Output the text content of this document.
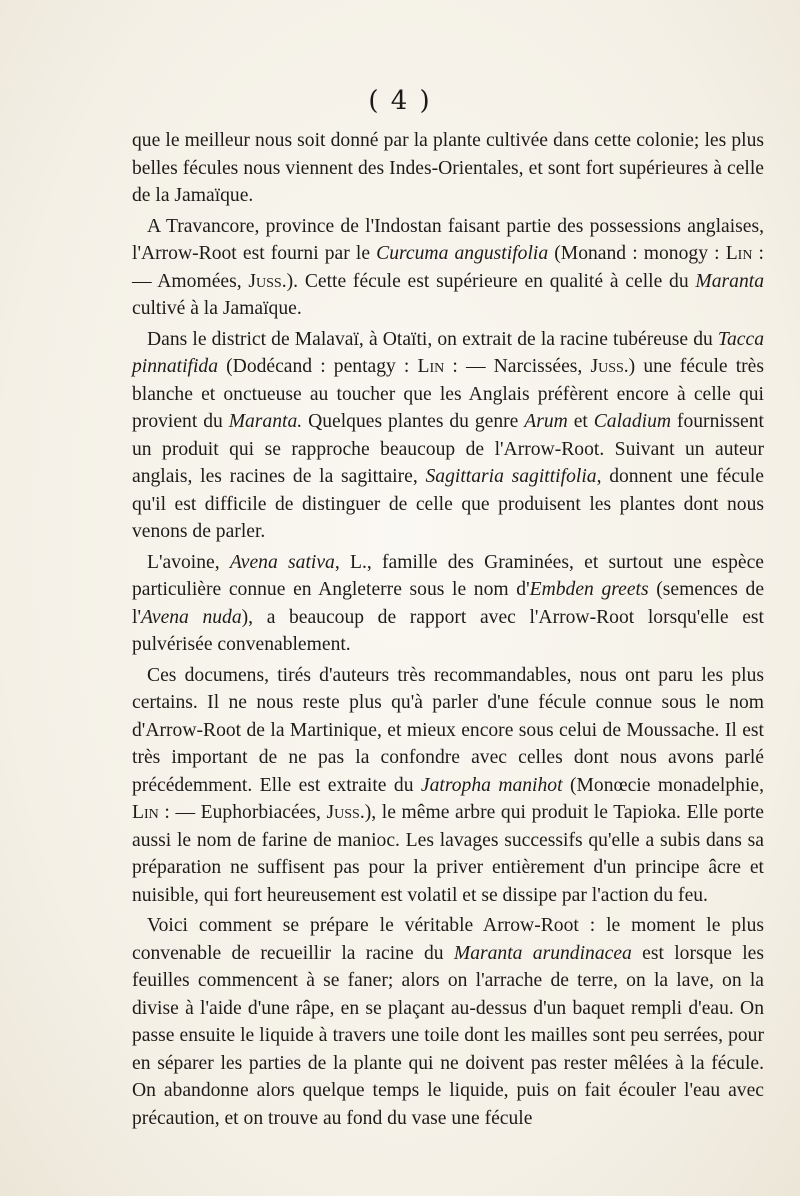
( 4 )

que le meilleur nous soit donné par la plante cultivée dans cette colonie; les plus belles fécules nous viennent des Indes-Orientales, et sont fort supérieures à celle de la Jamaïque.

A Travancore, province de l'Indostan faisant partie des possessions anglaises, l'Arrow-Root est fourni par le Curcuma angustifolia (Monand : monogy : Lin : — Amomées, Juss.). Cette fécule est supérieure en qualité à celle du Maranta cultivé à la Jamaïque.

Dans le district de Malavaï, à Otaïti, on extrait de la racine tubéreuse du Tacca pinnatifida (Dodécand : pentagy : Lin : — Narcissées, Juss.) une fécule très blanche et onctueuse au toucher que les Anglais préfèrent encore à celle qui provient du Maranta. Quelques plantes du genre Arum et Caladium fournissent un produit qui se rapproche beaucoup de l'Arrow-Root. Suivant un auteur anglais, les racines de la sagittaire, Sagittaria sagittifolia, donnent une fécule qu'il est difficile de distinguer de celle que produisent les plantes dont nous venons de parler.

L'avoine, Avena sativa, L., famille des Graminées, et surtout une espèce particulière connue en Angleterre sous le nom d'Embden greets (semences de l'Avena nuda), a beaucoup de rapport avec l'Arrow-Root lorsqu'elle est pulvérisée convenablement.

Ces documens, tirés d'auteurs très recommandables, nous ont paru les plus certains. Il ne nous reste plus qu'à parler d'une fécule connue sous le nom d'Arrow-Root de la Martinique, et mieux encore sous celui de Moussache. Il est très important de ne pas la confondre avec celles dont nous avons parlé précédemment. Elle est extraite du Jatropha manihot (Monœcie monadelphie, Lin : — Euphorbiacées, Juss.), le même arbre qui produit le Tapioka. Elle porte aussi le nom de farine de manioc. Les lavages successifs qu'elle a subis dans sa préparation ne suffisent pas pour la priver entièrement d'un principe âcre et nuisible, qui fort heureusement est volatil et se dissipe par l'action du feu.

Voici comment se prépare le véritable Arrow-Root : le moment le plus convenable de recueillir la racine du Maranta arundinacea est lorsque les feuilles commencent à se faner; alors on l'arrache de terre, on la lave, on la divise à l'aide d'une râpe, en se plaçant au-dessus d'un baquet rempli d'eau. On passe ensuite le liquide à travers une toile dont les mailles sont peu serrées, pour en séparer les parties de la plante qui ne doivent pas rester mêlées à la fécule. On abandonne alors quelque temps le liquide, puis on fait écouler l'eau avec précaution, et on trouve au fond du vase une fécule
